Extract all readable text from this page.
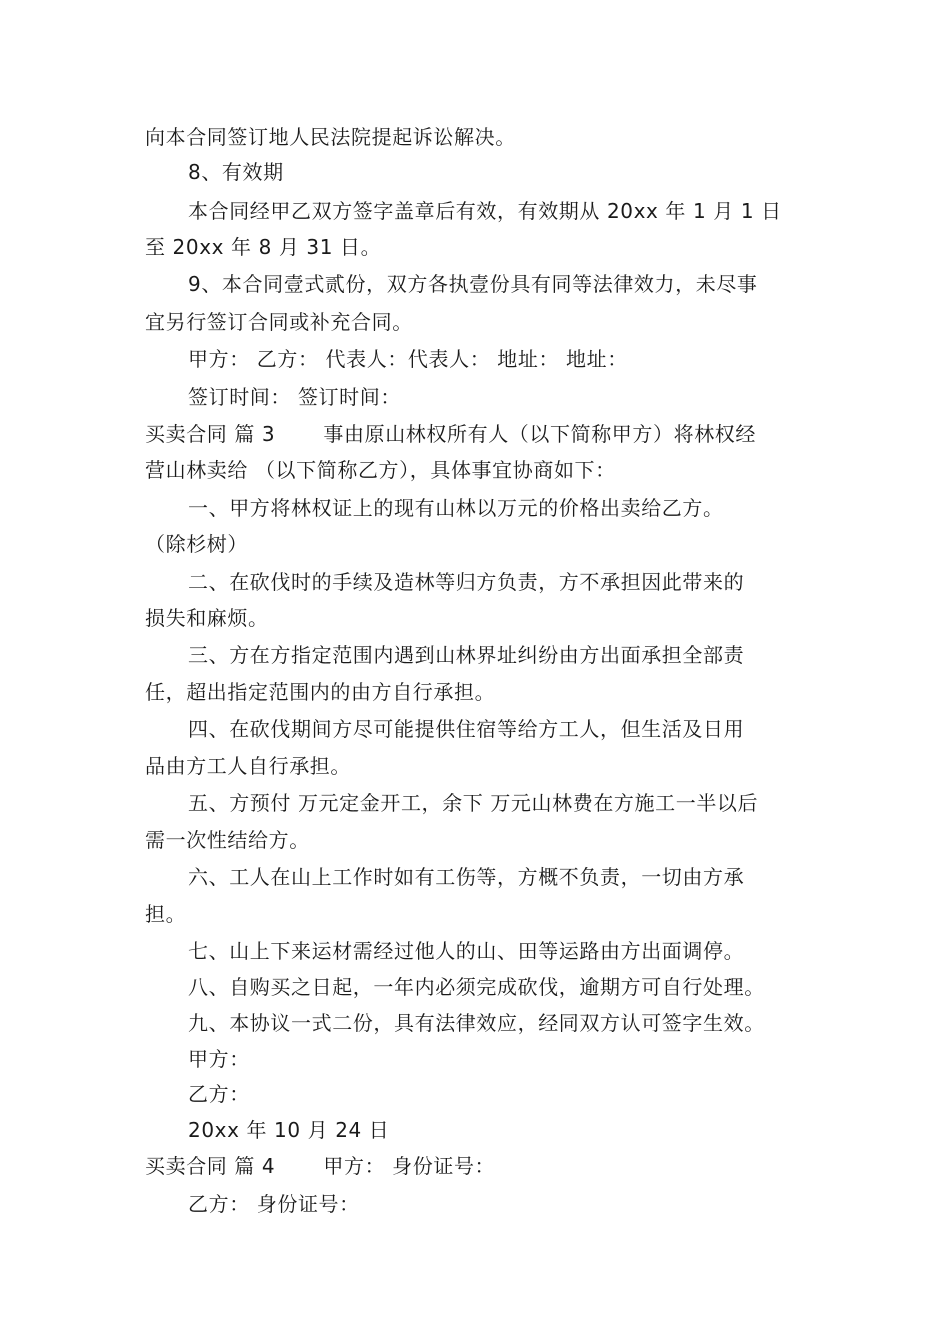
向本合同签订地人民法院提起诉讼解决。
8、有效期
本合同经甲乙双方签字盖章后有效，有效期从 20xx 年 1 月 1 日
至 20xx 年 8 月 31 日。
9、本合同壹式贰份，双方各执壹份具有同等法律效力，未尽事
宜另行签订合同或补充合同。
甲方： 乙方： 代表人：代表人： 地址： 地址：
签订时间： 签订时间：
买卖合同 篇 3　　 事由原山林权所有人（以下简称甲方）将林权经
营山林卖给 （以下简称乙方），具体事宜协商如下：
一、甲方将林权证上的现有山林以万元的价格出卖给乙方。
（除杉树）
二、在砍伐时的手续及造林等归方负责，方不承担因此带来的
损失和麻烦。
三、方在方指定范围内遇到山林界址纠纷由方出面承担全部责
任，超出指定范围内的由方自行承担。
四、在砍伐期间方尽可能提供住宿等给方工人，但生活及日用
品由方工人自行承担。
五、方预付 万元定金开工，余下 万元山林费在方施工一半以后
需一次性结给方。
六、工人在山上工作时如有工伤等，方概不负责，一切由方承
担。
七、山上下来运材需经过他人的山、田等运路由方出面调停。
八、自购买之日起，一年内必须完成砍伐，逾期方可自行处理。
九、本协议一式二份，具有法律效应，经同双方认可签字生效。
甲方：
乙方：
20xx 年 10 月 24 日
买卖合同 篇 4　　 甲方： 身份证号：
乙方： 身份证号：
